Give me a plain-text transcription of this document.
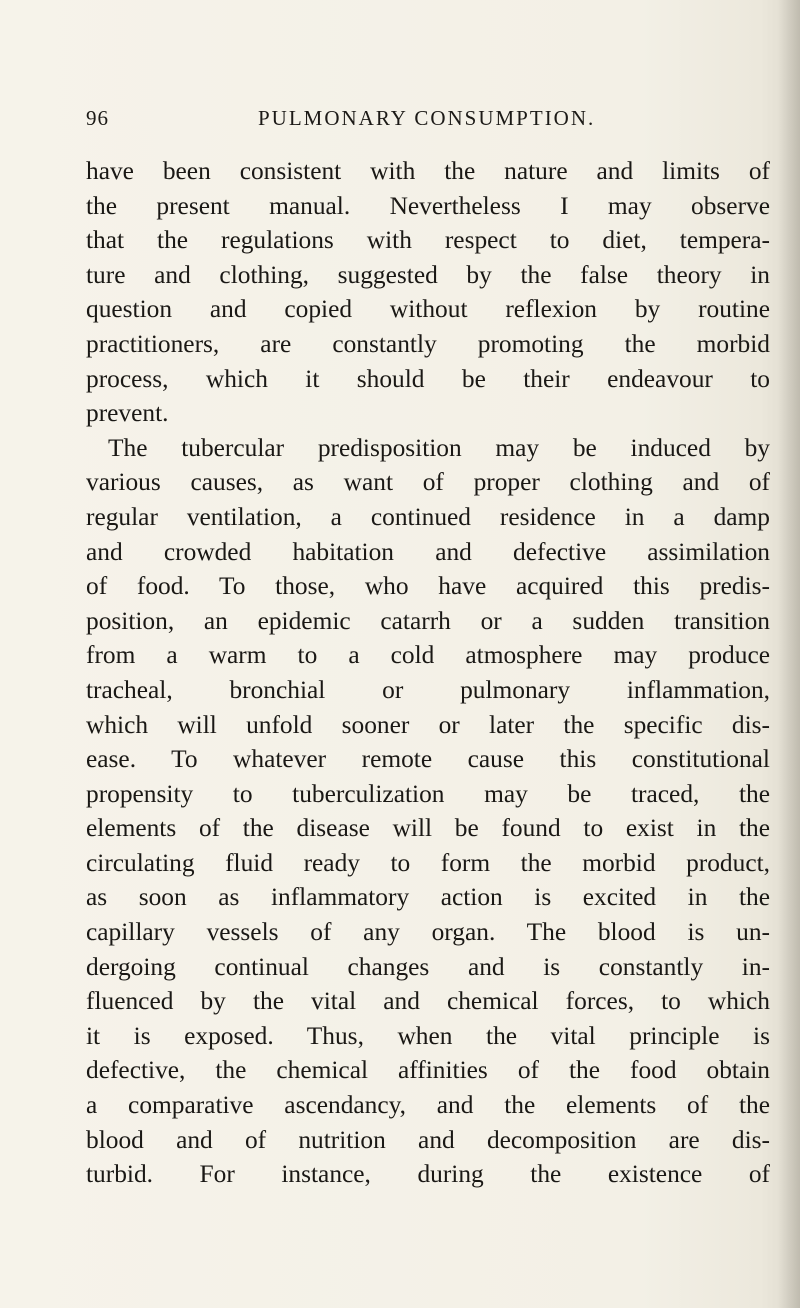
96	PULMONARY CONSUMPTION.
have been consistent with the nature and limits of
the present manual. Nevertheless I may observe
that the regulations with respect to diet, tempera-
ture and clothing, suggested by the false theory in
question and copied without reflexion by routine
practitioners, are constantly promoting the morbid
process, which it should be their endeavour to
prevent.
The tubercular predisposition may be induced by
various causes, as want of proper clothing and of
regular ventilation, a continued residence in a damp
and crowded habitation and defective assimilation
of food. To those, who have acquired this predis-
position, an epidemic catarrh or a sudden transition
from a warm to a cold atmosphere may produce
tracheal, bronchial or pulmonary inflammation,
which will unfold sooner or later the specific dis-
ease. To whatever remote cause this constitutional
propensity to tuberculization may be traced, the
elements of the disease will be found to exist in the
circulating fluid ready to form the morbid product,
as soon as inflammatory action is excited in the
capillary vessels of any organ. The blood is un-
dergoing continual changes and is constantly in-
fluenced by the vital and chemical forces, to which
it is exposed. Thus, when the vital principle is
defective, the chemical affinities of the food obtain
a comparative ascendancy, and the elements of the
blood and of nutrition and decomposition are dis-
turbid. For instance, during the existence of
